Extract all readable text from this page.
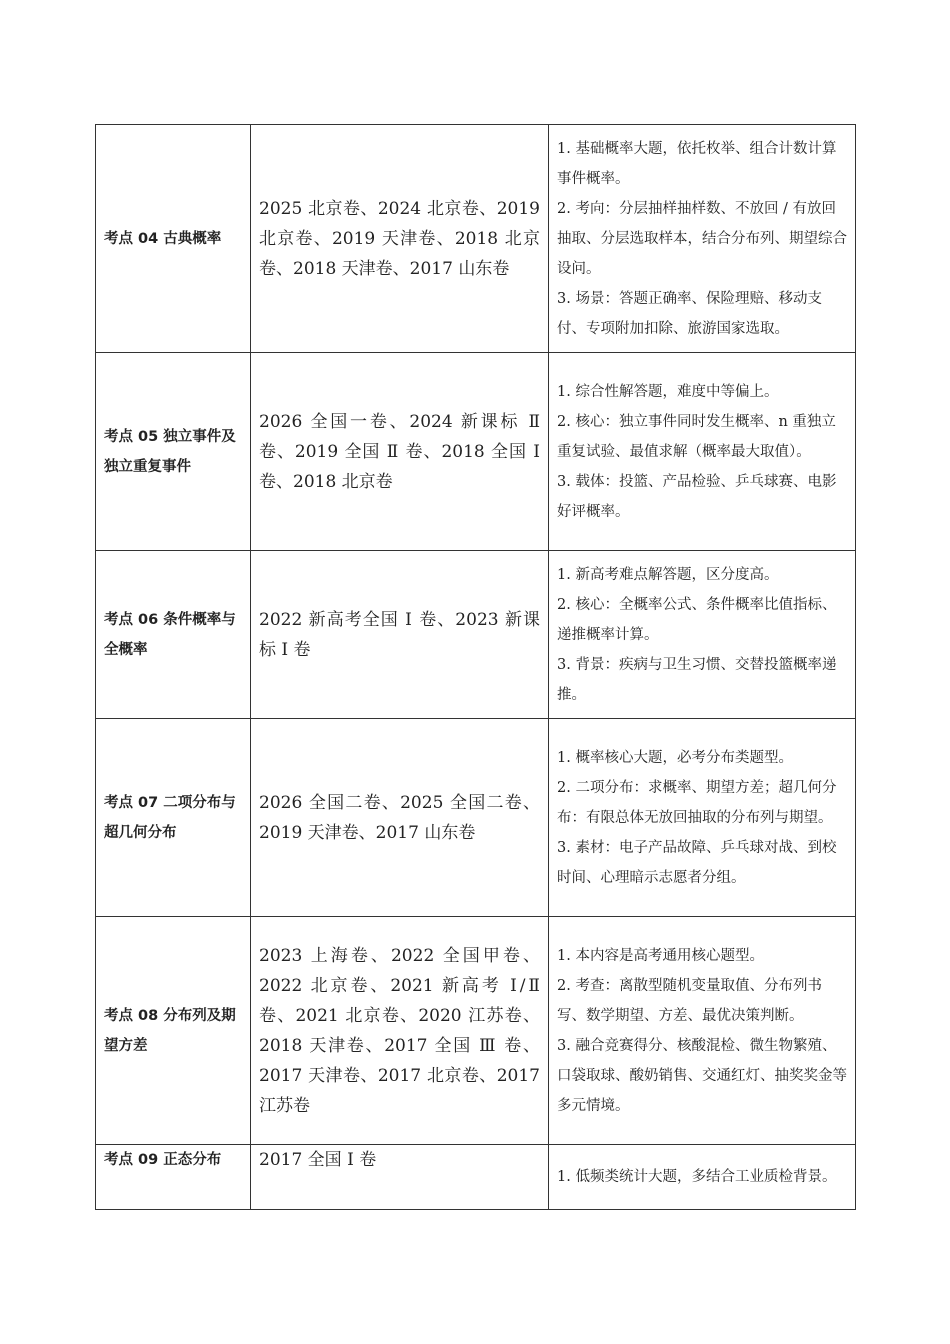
考点 04 古典概率	2025 北京卷、2024 北京卷、2019 北京卷、2019 天津卷、2018 北京卷、2018 天津卷、2017 山东卷	1. 基础概率大题，依托枚举、组合计数计算事件概率。

2. 考向：分层抽样抽样数、不放回 / 有放回抽取、分层选取样本，结合分布列、期望综合设问。

3. 场景：答题正确率、保险理赔、移动支付、专项附加扣除、旅游国家选取。

考点 05 独立事件及独立重复事件	2026 全国一卷、2024 新课标 Ⅱ 卷、2019 全国 Ⅱ 卷、2018 全国 Ⅰ 卷、2018 北京卷	1. 综合性解答题，难度中等偏上。

2. 核心：独立事件同时发生概率、n 重独立重复试验、最值求解（概率最大取值）。

3. 载体：投篮、产品检验、乒乓球赛、电影好评概率。

考点 06 条件概率与全概率	2022 新高考全国 Ⅰ 卷、2023 新课标 Ⅰ 卷	1. 新高考难点解答题，区分度高。

2. 核心：全概率公式、条件概率比值指标、递推概率计算。

3. 背景：疾病与卫生习惯、交替投篮概率递推。

考点 07 二项分布与超几何分布	2026 全国二卷、2025 全国二卷、2019 天津卷、2017 山东卷	1. 概率核心大题，必考分布类题型。

2. 二项分布：求概率、期望方差；超几何分布：有限总体无放回抽取的分布列与期望。

3. 素材：电子产品故障、乒乓球对战、到校时间、心理暗示志愿者分组。

考点 08 分布列及期望方差	2023 上海卷、2022 全国甲卷、2022 北京卷、2021 新高考 Ⅰ/Ⅱ 卷、2021 北京卷、2020 江苏卷、2018 天津卷、2017 全国 Ⅲ 卷、2017 天津卷、2017 北京卷、2017 江苏卷	1. 本内容是高考通用核心题型。

2. 考查：离散型随机变量取值、分布列书写、数学期望、方差、最优决策判断。

3. 融合竞赛得分、核酸混检、微生物繁殖、口袋取球、酸奶销售、交通红灯、抽奖奖金等多元情境。

考点 09 正态分布	2017 全国 Ⅰ 卷	1. 低频类统计大题，多结合工业质检背景。
